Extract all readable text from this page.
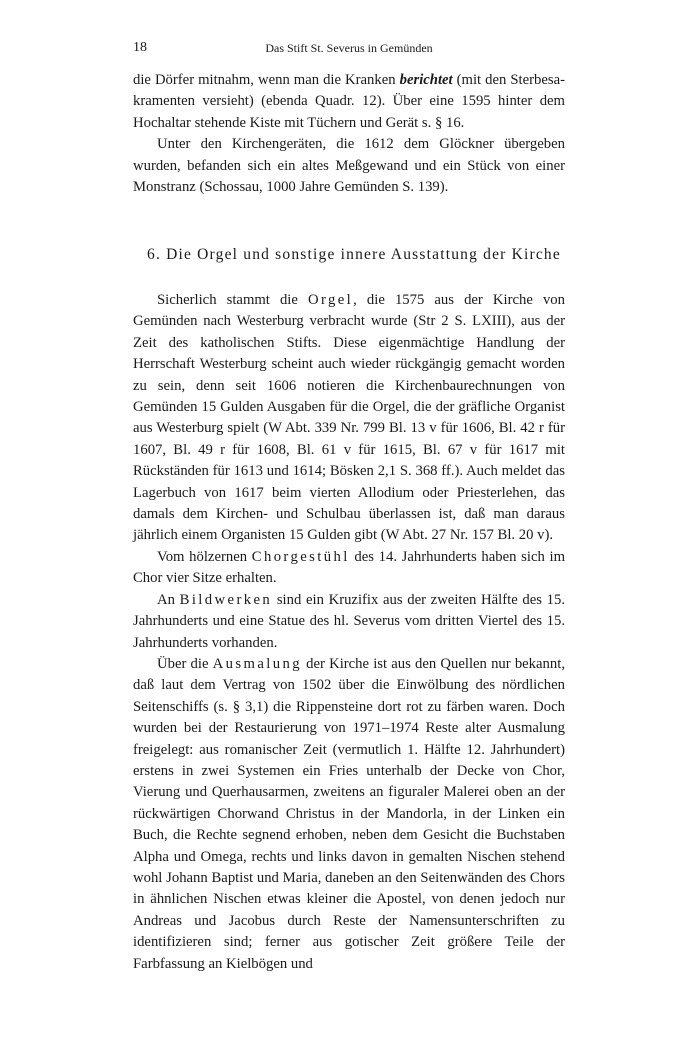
18	Das Stift St. Severus in Gemünden

die Dörfer mitnahm, wenn man die Kranken berichtet (mit den Sterbesakramenten versieht) (ebenda Quadr. 12). Über eine 1595 hinter dem Hochaltar stehende Kiste mit Tüchern und Gerät s. § 16.

Unter den Kirchengeräten, die 1612 dem Glöckner übergeben wurden, befanden sich ein altes Meßgewand und ein Stück von einer Monstranz (Schossau, 1000 Jahre Gemünden S. 139).

6. Die Orgel und sonstige innere Ausstattung der Kirche

Sicherlich stammt die Orgel, die 1575 aus der Kirche von Gemünden nach Westerburg verbracht wurde (Str 2 S. LXIII), aus der Zeit des katholischen Stifts. Diese eigenmächtige Handlung der Herrschaft Westerburg scheint auch wieder rückgängig gemacht worden zu sein, denn seit 1606 notieren die Kirchenbaurechnungen von Gemünden 15 Gulden Ausgaben für die Orgel, die der gräfliche Organist aus Westerburg spielt (W Abt. 339 Nr. 799 Bl. 13 v für 1606, Bl. 42 r für 1607, Bl. 49 r für 1608, Bl. 61 v für 1615, Bl. 67 v für 1617 mit Rückständen für 1613 und 1614; Bösken 2,1 S. 368 ff.). Auch meldet das Lagerbuch von 1617 beim vierten Allodium oder Priesterlehen, das damals dem Kirchen- und Schulbau überlassen ist, daß man daraus jährlich einem Organisten 15 Gulden gibt (W Abt. 27 Nr. 157 Bl. 20 v).

Vom hölzernen Chorgestühl des 14. Jahrhunderts haben sich im Chor vier Sitze erhalten.

An Bildwerken sind ein Kruzifix aus der zweiten Hälfte des 15. Jahrhunderts und eine Statue des hl. Severus vom dritten Viertel des 15. Jahrhunderts vorhanden.

Über die Ausmalung der Kirche ist aus den Quellen nur bekannt, daß laut dem Vertrag von 1502 über die Einwölbung des nördlichen Seitenschiffs (s. § 3,1) die Rippensteine dort rot zu färben waren. Doch wurden bei der Restaurierung von 1971–1974 Reste alter Ausmalung freigelegt: aus romanischer Zeit (vermutlich 1. Hälfte 12. Jahrhundert) erstens in zwei Systemen ein Fries unterhalb der Decke von Chor, Vierung und Querhausarmen, zweitens an figuraler Malerei oben an der rückwärtigen Chorwand Christus in der Mandorla, in der Linken ein Buch, die Rechte segnend erhoben, neben dem Gesicht die Buchstaben Alpha und Omega, rechts und links davon in gemalten Nischen stehend wohl Johann Baptist und Maria, daneben an den Seitenwänden des Chors in ähnlichen Nischen etwas kleiner die Apostel, von denen jedoch nur Andreas und Jacobus durch Reste der Namensunterschriften zu identifizieren sind; ferner aus gotischer Zeit größere Teile der Farbfassung an Kielbögen und
